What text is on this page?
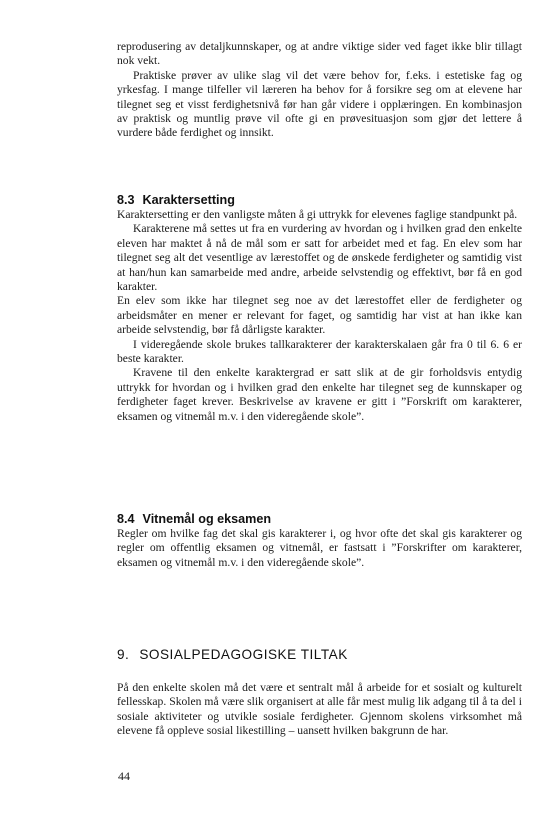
reprodusering av detaljkunnskaper, og at andre viktige sider ved faget ikke blir tillagt nok vekt.

Praktiske prøver av ulike slag vil det være behov for, f.eks. i estetiske fag og yrkesfag. I mange tilfeller vil læreren ha behov for å forsikre seg om at elevene har tilegnet seg et visst ferdighetsnivå før han går videre i opplæringen. En kombinasjon av praktisk og muntlig prøve vil ofte gi en prøvesituasjon som gjør det lettere å vurdere både ferdighet og innsikt.

8.3 Karaktersetting

Karaktersetting er den vanligste måten å gi uttrykk for elevenes faglige standpunkt på.

Karakterene må settes ut fra en vurdering av hvordan og i hvilken grad den enkelte eleven har maktet å nå de mål som er satt for arbeidet med et fag. En elev som har tilegnet seg alt det vesentlige av lærestoffet og de ønskede ferdigheter og samtidig vist at han/hun kan samarbeide med andre, arbeide selvstendig og effektivt, bør få en god karakter.

En elev som ikke har tilegnet seg noe av det lærestoffet eller de ferdigheter og arbeidsmåter en mener er relevant for faget, og samtidig har vist at han ikke kan arbeide selvstendig, bør få dårligste karakter.

I videregående skole brukes tallkarakterer der karakterskalaen går fra 0 til 6. 6 er beste karakter.

Kravene til den enkelte karaktergrad er satt slik at de gir forholdsvis entydig uttrykk for hvordan og i hvilken grad den enkelte har tilegnet seg de kunnskaper og ferdigheter faget krever. Beskrivelse av kravene er gitt i ”Forskrift om karakterer, eksamen og vitnemål m.v. i den videregående skole”.

8.4 Vitnemål og eksamen

Regler om hvilke fag det skal gis karakterer i, og hvor ofte det skal gis karakterer og regler om offentlig eksamen og vitnemål, er fastsatt i ”Forskrifter om karakterer, eksamen og vitnemål m.v. i den videregående skole”.

9. SOSIALPEDAGOGISKE TILTAK

På den enkelte skolen må det være et sentralt mål å arbeide for et sosialt og kulturelt fellesskap. Skolen må være slik organisert at alle får mest mulig lik adgang til å ta del i sosiale aktiviteter og utvikle sosiale ferdigheter. Gjennom skolens virksomhet må elevene få oppleve sosial likestilling – uansett hvilken bakgrunn de har.

44
